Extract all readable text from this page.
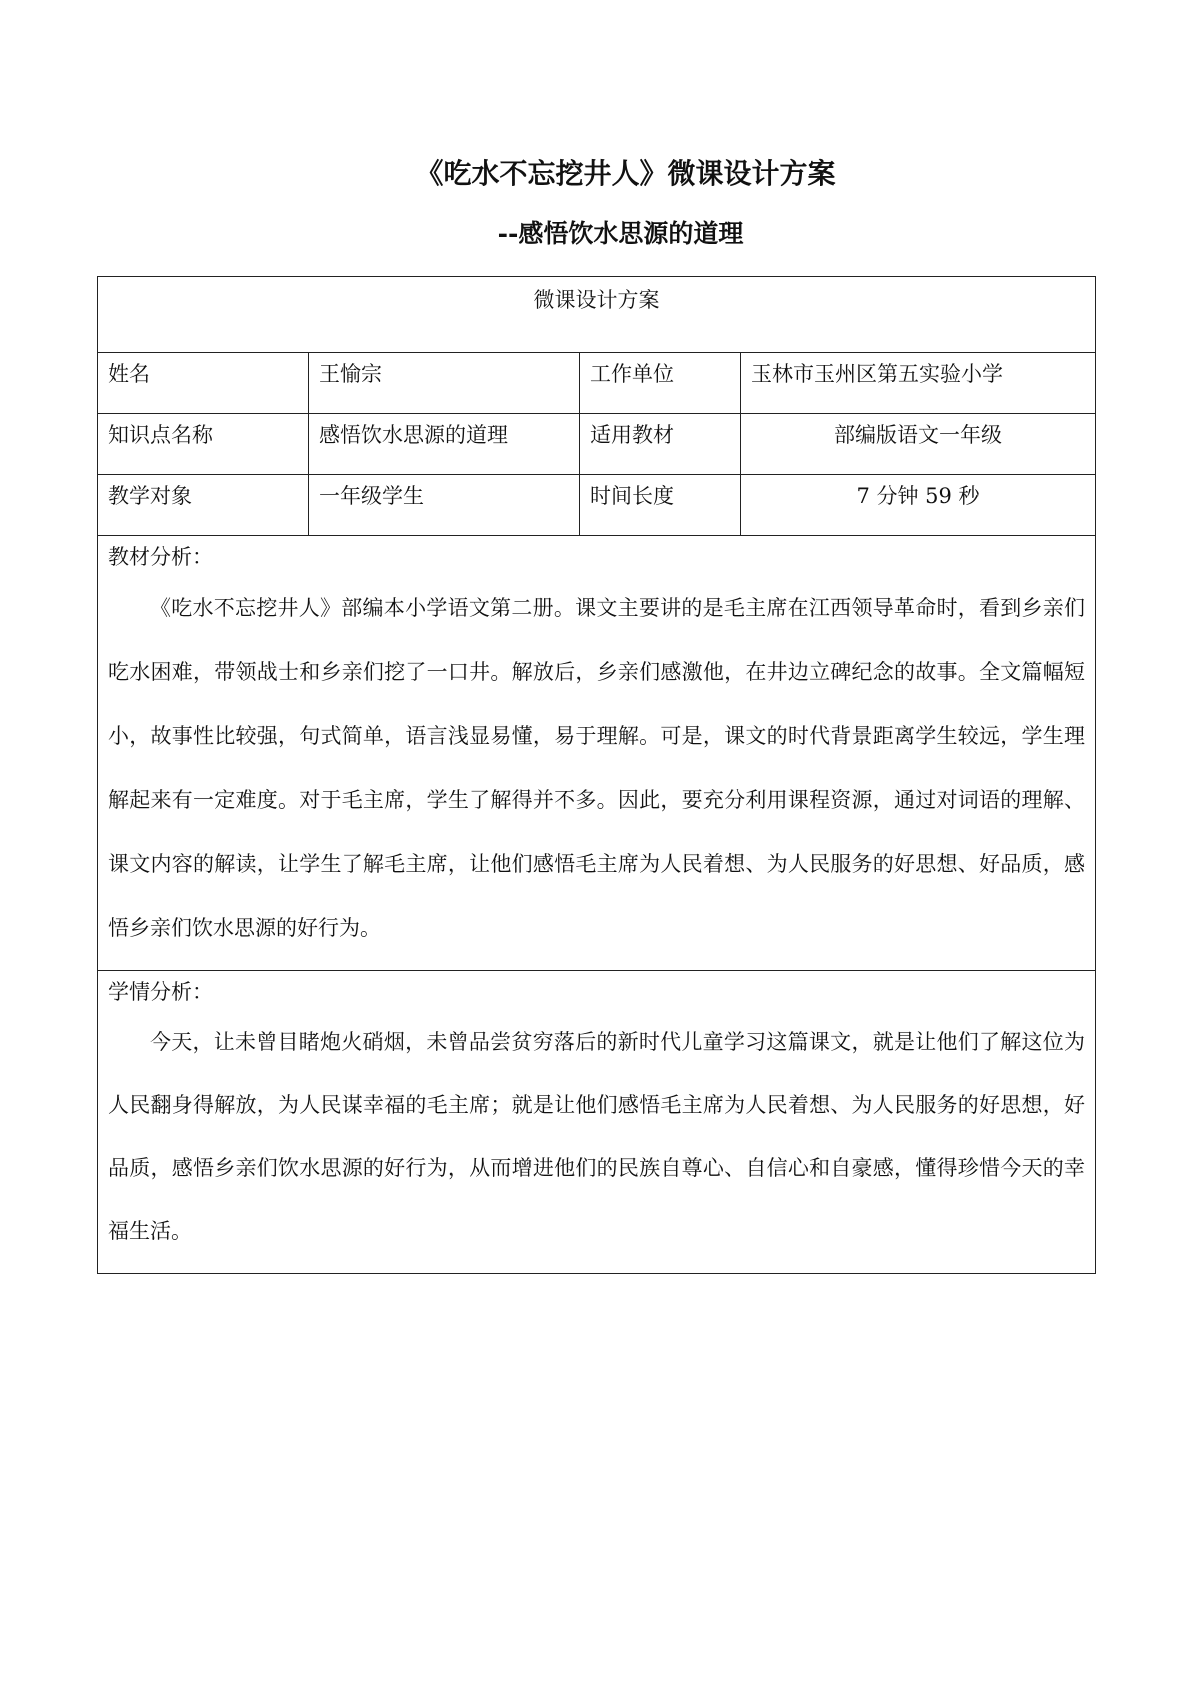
《吃水不忘挖井人》微课设计方案
--感悟饮水思源的道理
微课设计方案			
姓名	王愉宗	工作单位	玉林市玉州区第五实验小学
知识点名称	感悟饮水思源的道理	适用教材	部编版语文一年级
教学对象	一年级学生	时间长度	7 分钟 59 秒

教材分析：
《吃水不忘挖井人》部编本小学语文第二册。课文主要讲的是毛主席在江西领导革命时，看到乡亲们吃水困难，带领战士和乡亲们挖了一口井。解放后，乡亲们感激他，在井边立碑纪念的故事。全文篇幅短小，故事性比较强，句式简单，语言浅显易懂，易于理解。可是，课文的时代背景距离学生较远，学生理解起来有一定难度。对于毛主席，学生了解得并不多。因此，要充分利用课程资源，通过对词语的理解、课文内容的解读，让学生了解毛主席，让他们感悟毛主席为人民着想、为人民服务的好思想、好品质，感悟乡亲们饮水思源的好行为。			

学情分析：
今天，让未曾目睹炮火硝烟，未曾品尝贫穷落后的新时代儿童学习这篇课文，就是让他们了解这位为人民翻身得解放，为人民谋幸福的毛主席；就是让他们感悟毛主席为人民着想、为人民服务的好思想，好品质，感悟乡亲们饮水思源的好行为，从而增进他们的民族自尊心、自信心和自豪感，懂得珍惜今天的幸福生活。			
